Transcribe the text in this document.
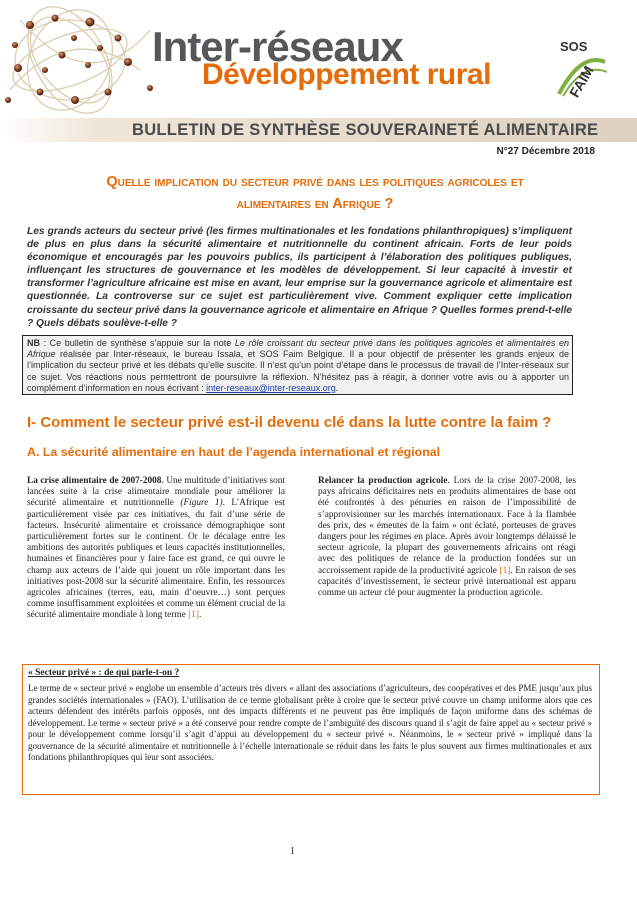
Inter-réseaux
Développement rural
SOS
FAIM
BULLETIN DE SYNTHÈSE SOUVERAINETÉ ALIMENTAIRE
N°27 Décembre 2018
Quelle implication du secteur privé dans les politiques agricoles et alimentaires en Afrique ?
Les grands acteurs du secteur privé (les firmes multinationales et les fondations philanthropiques) s’impliquent de plus en plus dans la sécurité alimentaire et nutritionnelle du continent africain. Forts de leur poids économique et encouragés par les pouvoirs publics, ils participent à l’élaboration des politiques publiques, influençant les structures de gouvernance et les modèles de développement. Si leur capacité à investir et transformer l’agriculture africaine est mise en avant, leur emprise sur la gouvernance agricole et alimentaire est questionnée. La controverse sur ce sujet est particulièrement vive. Comment expliquer cette implication croissante du secteur privé dans la gouvernance agricole et alimentaire en Afrique ? Quelles formes prend-t-elle ? Quels débats soulève-t-elle ?
NB : Ce bulletin de synthèse s’appuie sur la note Le rôle croissant du secteur privé dans les politiques agricoles et alimentaires en Afrique réalisée par Inter-réseaux, le bureau Issala, et SOS Faim Belgique. Il a pour objectif de présenter les grands enjeux de l’implication du secteur privé et les débats qu’elle suscite. Il n’est qu’un point d’étape dans le processus de travail de l’Inter-réseaux sur ce sujet. Vos réactions nous permettront de poursuivre la réflexion. N’hésitez pas à réagir, à donner votre avis ou à apporter un complément d’information en nous écrivant : inter-reseaux@inter-reseaux.org.
I- Comment le secteur privé est-il devenu clé dans la lutte contre la faim ?
A. La sécurité alimentaire en haut de l’agenda international et régional
La crise alimentaire de 2007-2008. Une multitude d’initiatives sont lancées suite à la crise alimentaire mondiale pour améliorer la sécurité alimentaire et nutritionnelle (Figure 1). L’Afrique est particulièrement visée par ces initiatives, du fait d’une série de facteurs. Insécurité alimentaire et croissance démographique sont particulièrement fortes sur le continent. Or le décalage entre les ambitions des autorités publiques et leurs capacités institutionnelles, humaines et financières pour y faire face est grand, ce qui ouvre le champ aux acteurs de l’aide qui jouent un rôle important dans les initiatives post-2008 sur la sécurité alimentaire. Enfin, les ressources agricoles africaines (terres, eau, main d’oeuvre…) sont perçues comme insuffisamment exploitées et comme un élément crucial de la sécurité alimentaire mondiale à long terme [1].
Relancer la production agricole. Lors de la crise 2007-2008, les pays africains déficitaires nets en produits alimentaires de base ont été confrontés à des pénuries en raison de l’impossibilité de s’approvisionner sur les marchés internationaux. Face à la flambée des prix, des « émeutes de la faim » ont éclaté, porteuses de graves dangers pour les régimes en place. Après avoir longtemps délaissé le secteur agricole, la plupart des gouvernements africains ont réagi avec des politiques de relance de la production fondées sur un accroissement rapide de la productivité agricole [1]. En raison de ses capacités d’investissement, le secteur privé international est apparu comme un acteur clé pour augmenter la production agricole.
« Secteur privé » : de qui parle-t-on ?
Le terme de « secteur privé » englobe un ensemble d’acteurs très divers « allant des associations d’agriculteurs, des coopératives et des PME jusqu’aux plus grandes sociétés internationales » (FAO). L’utilisation de ce terme globalisant prête à croire que le secteur privé couvre un champ uniforme alors que ces acteurs défendent des intérêts parfois opposés, ont des impacts différents et ne peuvent pas être impliqués de façon uniforme dans des schémas de développement. Le terme « secteur privé » a été conservé pour rendre compte de l’ambiguïté des discours quand il s’agit de faire appel au « secteur privé » pour le développement comme lorsqu’il s’agit d’appui au développement du « secteur privé ». Néanmoins, le « secteur privé » impliqué dans la gouvernance de la sécurité alimentaire et nutritionnelle à l’échelle internationale se réduit dans les faits le plus souvent aux firmes multinationales et aux fondations philanthropiques qui leur sont associées.
1
